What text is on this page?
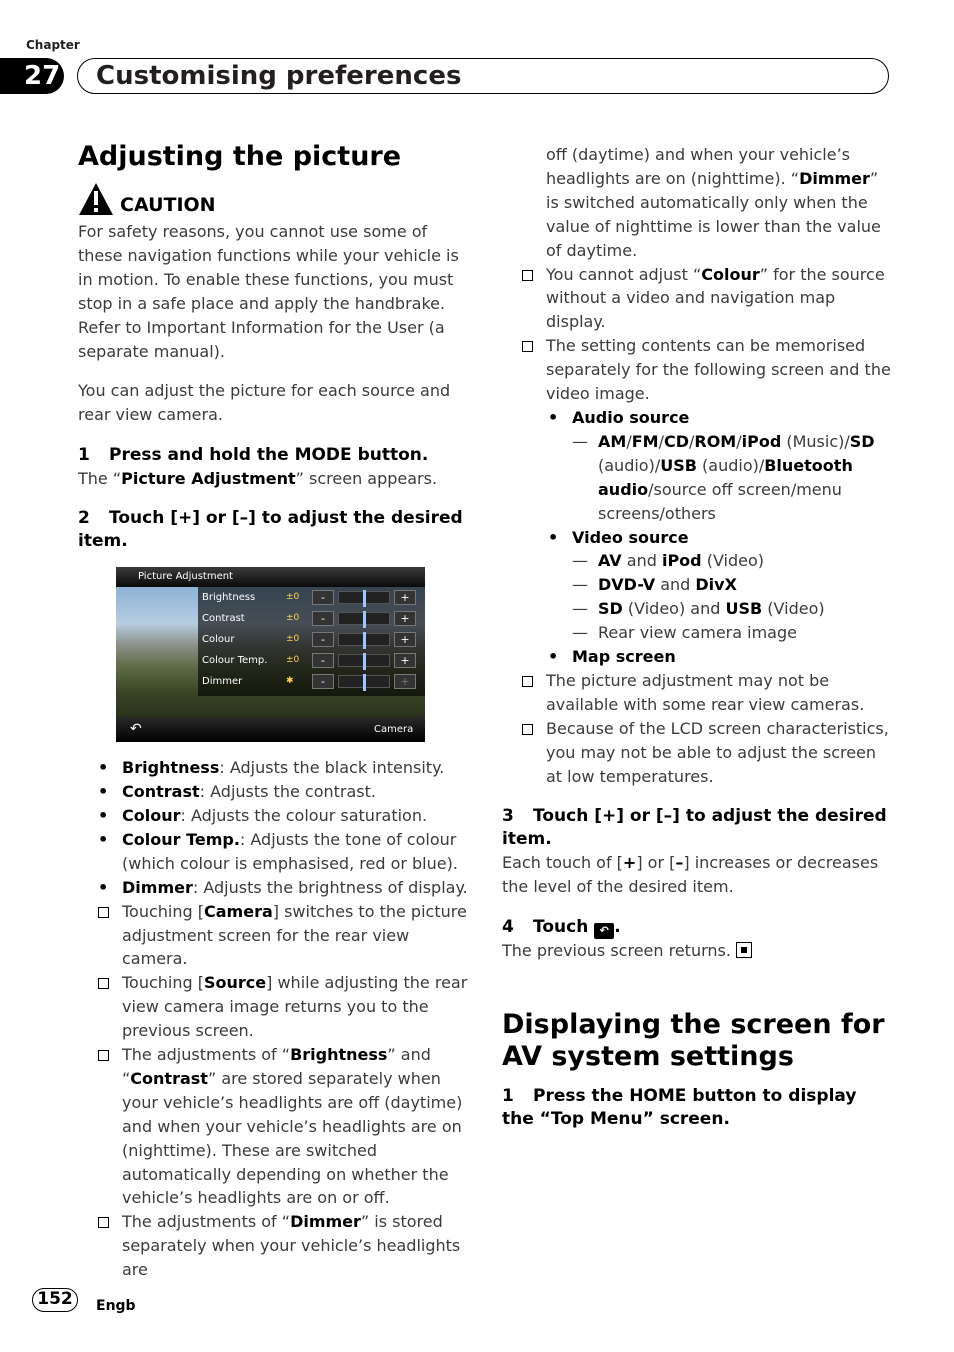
Chapter
27 Customising preferences
Adjusting the picture
CAUTION

For safety reasons, you cannot use some of these navigation functions while your vehicle is in motion. To enable these functions, you must stop in a safe place and apply the handbrake. Refer to Important Information for the User (a separate manual).

You can adjust the picture for each source and rear view camera.

1 Press and hold the MODE button.

The “Picture Adjustment” screen appears.

2 Touch [+] or [–] to adjust the desired item.

Picture Adjustment
Brightness	±0	-	+
Contrast	±0	-	+
Colour	±0	-	+
Colour Temp. ±0	-	+
Dimmer	✱	-	+
↶	Camera
• Brightness: Adjusts the black intensity.
• Contrast: Adjusts the contrast.
• Colour: Adjusts the colour saturation.
• Colour Temp.: Adjusts the tone of colour (which colour is emphasised, red or blue).
• Dimmer: Adjusts the brightness of display.
Touching [Camera] switches to the picture adjustment screen for the rear view camera.
Touching [Source] while adjusting the rear view camera image returns you to the previous screen.
The adjustments of “Brightness” and “Contrast” are stored separately when your vehicle’s headlights are off (daytime) and when your vehicle’s headlights are on (nighttime). These are switched automatically depending on whether the vehicle’s headlights are on or off.
The adjustments of “Dimmer” is stored separately when your vehicle’s headlights are

off (daytime) and when your vehicle’s headlights are on (nighttime). “Dimmer” is switched automatically only when the value of nighttime is lower than the value of daytime.

You cannot adjust “Colour” for the source without a video and navigation map display.
The setting contents can be memorised separately for the following screen and the video image.
• Audio source
— AM/FM/CD/ROM/iPod (Music)/SD (audio)/USB (audio)/Bluetooth audio/source off screen/menu screens/others
• Video source
— AV and iPod (Video)
— DVD-V and DivX
— SD (Video) and USB (Video)
— Rear view camera image
• Map screen
The picture adjustment may not be available with some rear view cameras.
Because of the LCD screen characteristics, you may not be able to adjust the screen at low temperatures.

3 Touch [+] or [–] to adjust the desired item.

Each touch of [+] or [–] increases or decreases the level of the desired item.

4 Touch ↶ .

The previous screen returns.

Displaying the screen for AV system settings

1 Press the HOME button to display the “Top Menu” screen.

152	Engb
